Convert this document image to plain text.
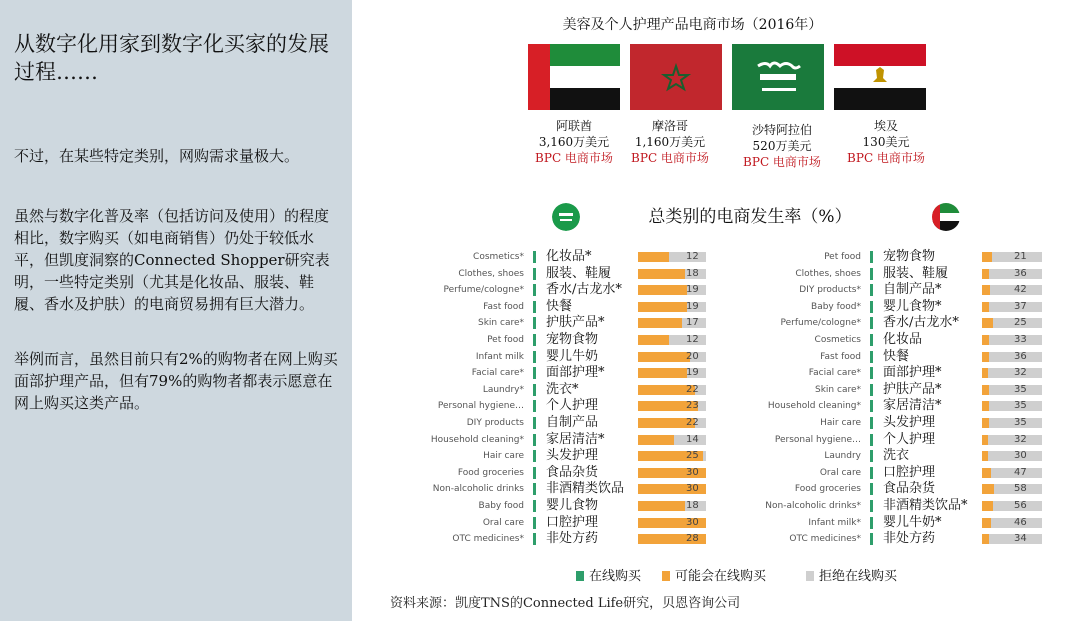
从数字化用家到数字化买家的发展过程……
不过，在某些特定类别，网购需求量极大。
虽然与数字化普及率（包括访问及使用）的程度相比，数字购买（如电商销售）仍处于较低水平，但凯度洞察的Connected Shopper研究表明，一些特定类别（尤其是化妆品、服装、鞋履、香水及护肤）的电商贸易拥有巨大潜力。
举例而言，虽然目前只有2%的购物者在网上购买面部护理产品，但有79%的购物者都表示愿意在网上购买这类产品。
美容及个人护理产品电商市场（2016年）
阿联酋
3,160万美元
BPC 电商市场
摩洛哥
1,160万美元
BPC 电商市场
沙特阿拉伯
520万美元
BPC 电商市场
埃及
130美元
BPC 电商市场
总类别的电商发生率（%）
Cosmetics* 化妆品*	12
Clothes, shoes 服装、鞋履	18
Perfume/cologne* 香水/古龙水*	19
Fast food 快餐	19
Skin care* 护肤产品*	17
Pet food 宠物食物	12
Infant milk 婴儿牛奶	20
Facial care* 面部护理*	19
Laundry* 洗衣*	22
Personal hygiene… 个人护理	23
DIY products 自制产品	22
Household cleaning* 家居清洁*	14
Hair care 头发护理	25
Food groceries 食品杂货	30
Non-alcoholic drinks 非酒精类饮品	30
Baby food 婴儿食物	18
Oral care 口腔护理	30
OTC medicines* 非处方药	28
Pet food 宠物食物	21
Clothes, shoes 服装、鞋履	36
DIY products* 自制产品*	42
Baby food* 婴儿食物*	37
Perfume/cologne* 香水/古龙水*	25
Cosmetics 化妆品	33
Fast food 快餐	36
Facial care* 面部护理*	32
Skin care* 护肤产品*	35
Household cleaning* 家居清洁*	35
Hair care 头发护理	35
Personal hygiene… 个人护理	32
Laundry 洗衣	30
Oral care 口腔护理	47
Food groceries 食品杂货	58
Non-alcoholic drinks* 非酒精类饮品*	56
Infant milk* 婴儿牛奶*	46
OTC medicines* 非处方药	34
在线购买	可能会在线购买	拒绝在线购买
资料来源：凯度TNS的Connected Life研究，贝恩咨询公司
